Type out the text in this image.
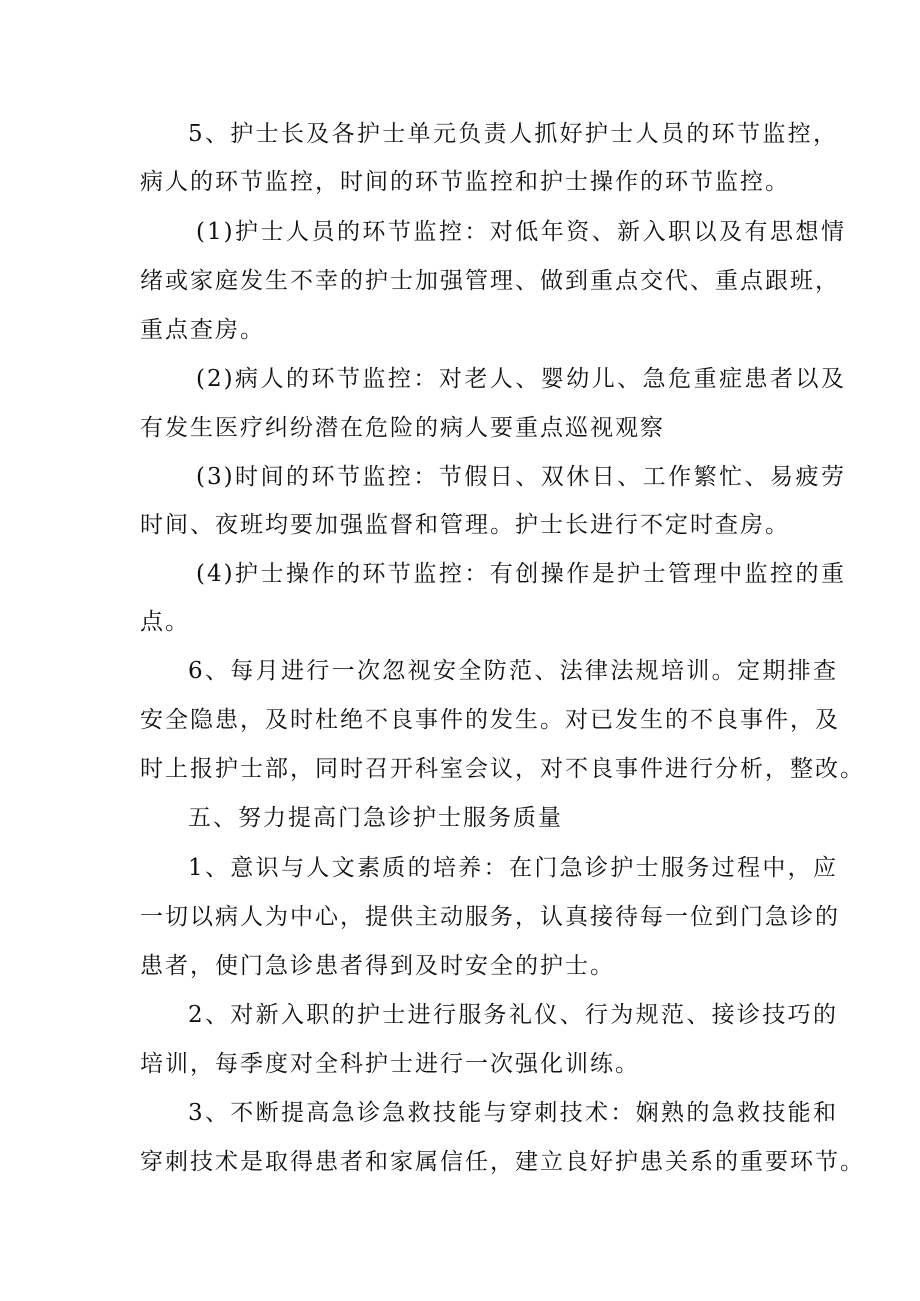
5、护士长及各护士单元负责人抓好护士人员的环节监控，
病人的环节监控，时间的环节监控和护士操作的环节监控。
(1)护士人员的环节监控：对低年资、新入职以及有思想情
绪或家庭发生不幸的护士加强管理、做到重点交代、重点跟班，
重点查房。
(2)病人的环节监控：对老人、婴幼儿、急危重症患者以及
有发生医疗纠纷潜在危险的病人要重点巡视观察
(3)时间的环节监控：节假日、双休日、工作繁忙、易疲劳
时间、夜班均要加强监督和管理。护士长进行不定时查房。
(4)护士操作的环节监控：有创操作是护士管理中监控的重
点。
6、每月进行一次忽视安全防范、法律法规培训。定期排查
安全隐患，及时杜绝不良事件的发生。对已发生的不良事件，及
时上报护士部，同时召开科室会议，对不良事件进行分析，整改。
五、努力提高门急诊护士服务质量
1、意识与人文素质的培养：在门急诊护士服务过程中，应
一切以病人为中心，提供主动服务，认真接待每一位到门急诊的
患者，使门急诊患者得到及时安全的护士。
2、对新入职的护士进行服务礼仪、行为规范、接诊技巧的
培训，每季度对全科护士进行一次强化训练。
3、不断提高急诊急救技能与穿刺技术：娴熟的急救技能和
穿刺技术是取得患者和家属信任，建立良好护患关系的重要环节。
